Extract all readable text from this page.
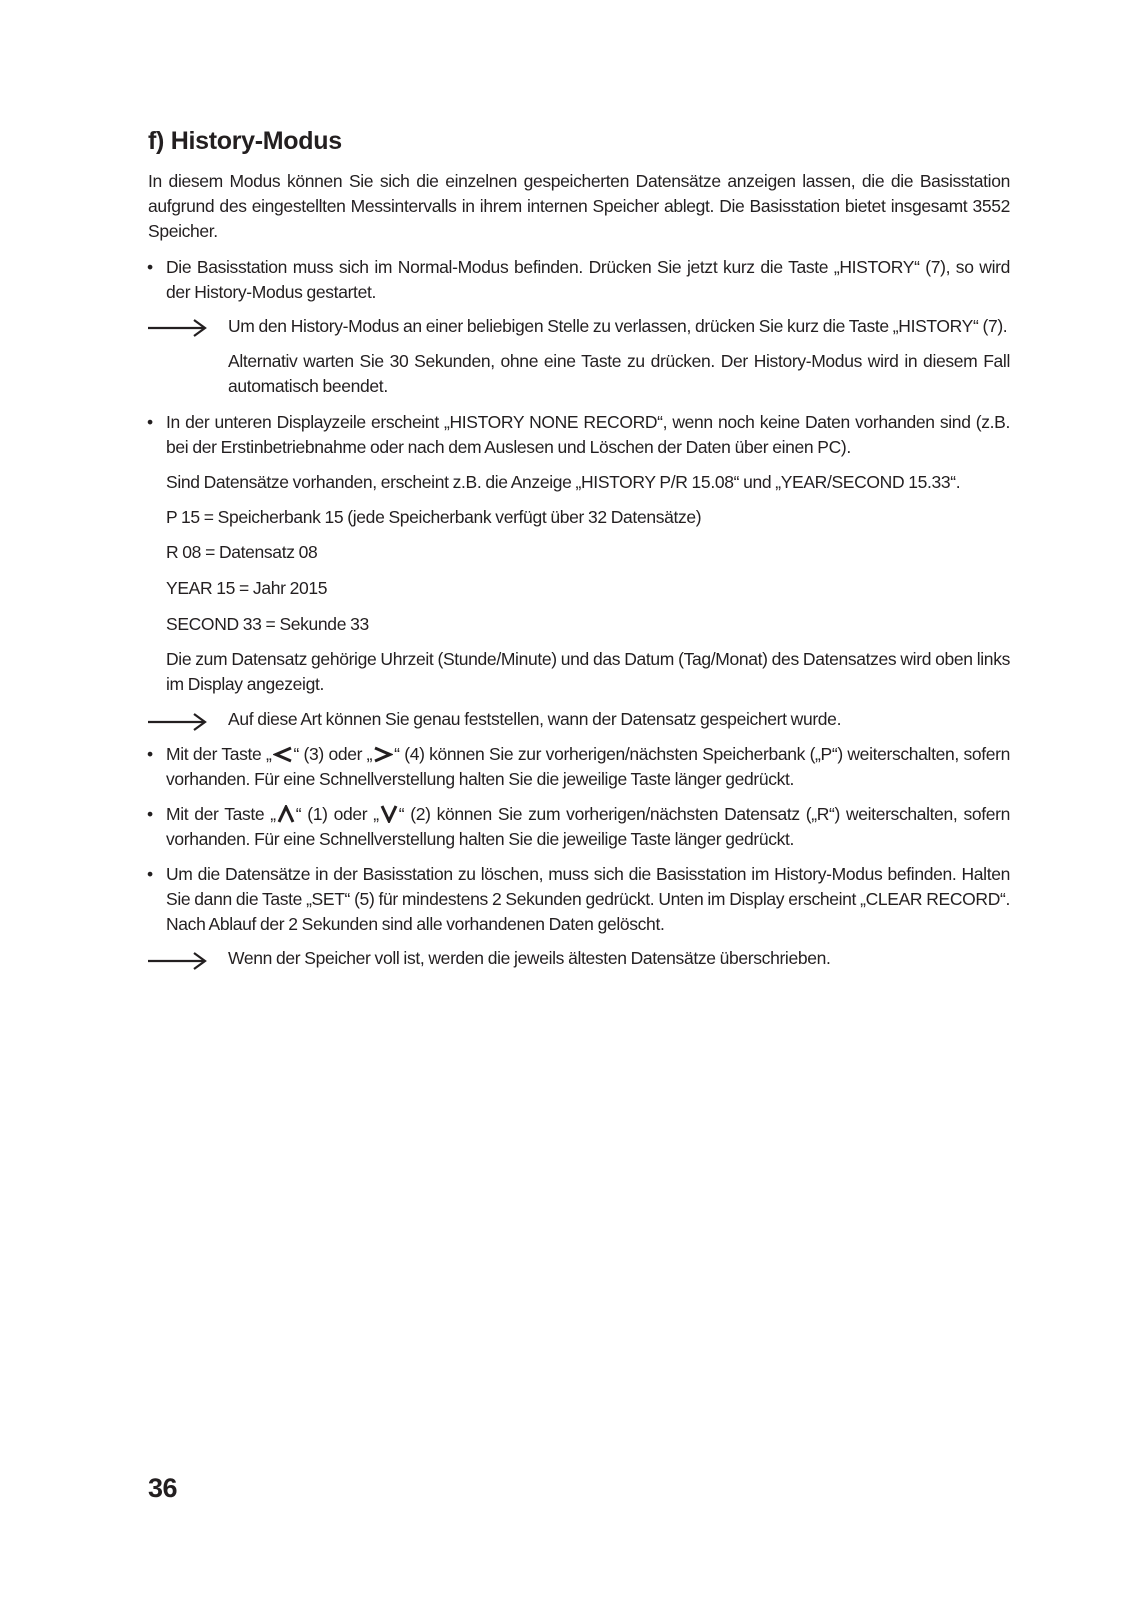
f) History-Modus
In diesem Modus können Sie sich die einzelnen gespeicherten Datensätze anzeigen lassen, die die Basisstation aufgrund des eingestellten Messintervalls in ihrem internen Speicher ablegt. Die Basisstation bietet insgesamt 3552 Speicher.
• Die Basisstation muss sich im Normal-Modus befinden. Drücken Sie jetzt kurz die Taste „HISTORY“ (7), so wird der History-Modus gestartet.
Um den History-Modus an einer beliebigen Stelle zu verlassen, drücken Sie kurz die Taste „HISTORY“ (7).
Alternativ warten Sie 30 Sekunden, ohne eine Taste zu drücken. Der History-Modus wird in diesem Fall automatisch beendet.
• In der unteren Displayzeile erscheint „HISTORY NONE RECORD“, wenn noch keine Daten vorhanden sind (z.B. bei der Erstinbetriebnahme oder nach dem Auslesen und Löschen der Daten über einen PC).
Sind Datensätze vorhanden, erscheint z.B. die Anzeige „HISTORY P/R 15.08“ und „YEAR/SECOND 15.33“.
P 15 = Speicherbank 15 (jede Speicherbank verfügt über 32 Datensätze)
R 08 = Datensatz 08
YEAR 15 = Jahr 2015
SECOND 33 = Sekunde 33
Die zum Datensatz gehörige Uhrzeit (Stunde/Minute) und das Datum (Tag/Monat) des Datensatzes wird oben links im Display angezeigt.
Auf diese Art können Sie genau feststellen, wann der Datensatz gespeichert wurde.
• Mit der Taste „ “ (3) oder „ “ (4) können Sie zur vorherigen/nächsten Speicherbank („P“) weiterschalten, sofern vorhanden. Für eine Schnellverstellung halten Sie die jeweilige Taste länger gedrückt.
• Mit der Taste „ “ (1) oder „ “ (2) können Sie zum vorherigen/nächsten Datensatz („R“) weiterschalten, sofern vorhanden. Für eine Schnellverstellung halten Sie die jeweilige Taste länger gedrückt.
• Um die Datensätze in der Basisstation zu löschen, muss sich die Basisstation im History-Modus befinden. Halten Sie dann die Taste „SET“ (5) für mindestens 2 Sekunden gedrückt. Unten im Display erscheint „CLEAR RECORD“. Nach Ablauf der 2 Sekunden sind alle vorhandenen Daten gelöscht.
Wenn der Speicher voll ist, werden die jeweils ältesten Datensätze überschrieben.
36
